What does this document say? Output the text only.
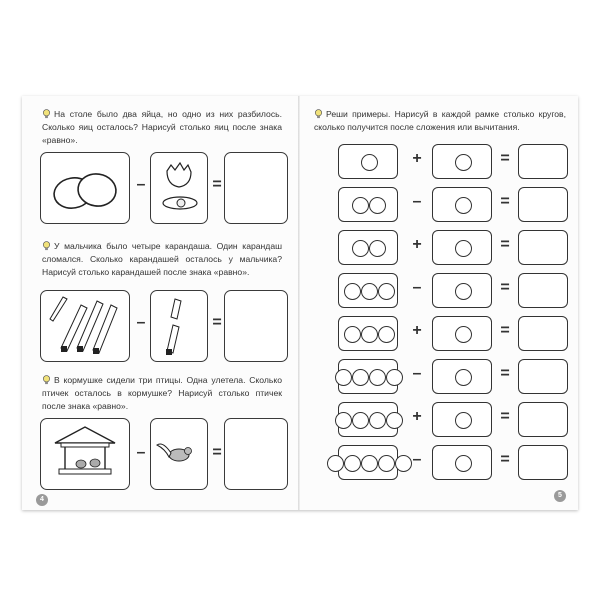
На столе было два яйца, но одно из них разбилось. Сколько яиц осталось? Нарисуй столько яиц после знака «равно».
–	=
У мальчика было четыре карандаша. Один карандаш сломался. Сколько карандашей осталось у мальчика? Нарисуй столько карандашей после знака «равно».
–	=
В кормушке сидели три птицы. Одна улетела. Сколько птичек осталось в кормушке? Нарисуй столько птичек после знака «равно».
–	=
4
Реши примеры. Нарисуй в каждой рамке столько кругов, сколько получится после сложения или вычитания.
+	=
–	=
+	=
–	=
+	=
–	=
+	=
–	=
5
